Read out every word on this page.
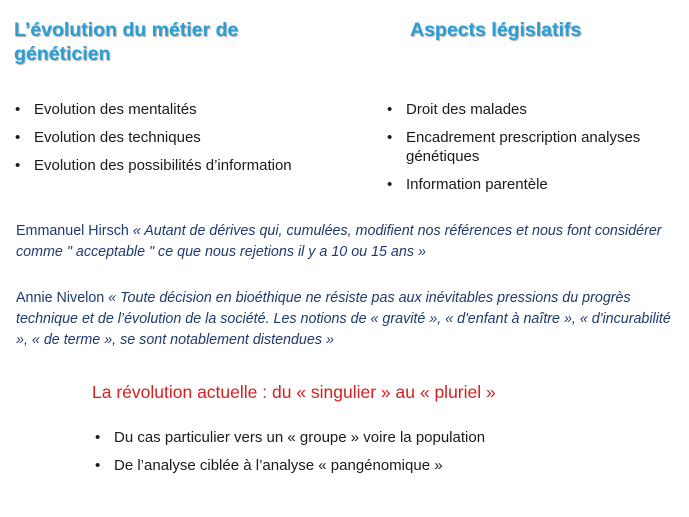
L’évolution du métier de généticien
Aspects législatifs
• Evolution des mentalités
• Evolution des techniques
• Evolution des possibilités d’information
• Droit des malades
• Encadrement prescription analyses génétiques
• Information parentèle

Emmanuel Hirsch « Autant de dérives qui, cumulées, modifient nos références et nous font considérer comme " acceptable " ce que nous rejetions il y a 10 ou 15 ans »

Annie Nivelon « Toute décision en bioéthique ne résiste pas aux inévitables pressions du progrès technique et de l’évolution de la société. Les notions de « gravité », « d'enfant à naître », « d'incurabilité », « de terme », se sont notablement distendues »

La révolution actuelle : du « singulier » au « pluriel »

• Du cas particulier vers un « groupe » voire la population
• De l’analyse ciblée à l’analyse « pangénomique »
